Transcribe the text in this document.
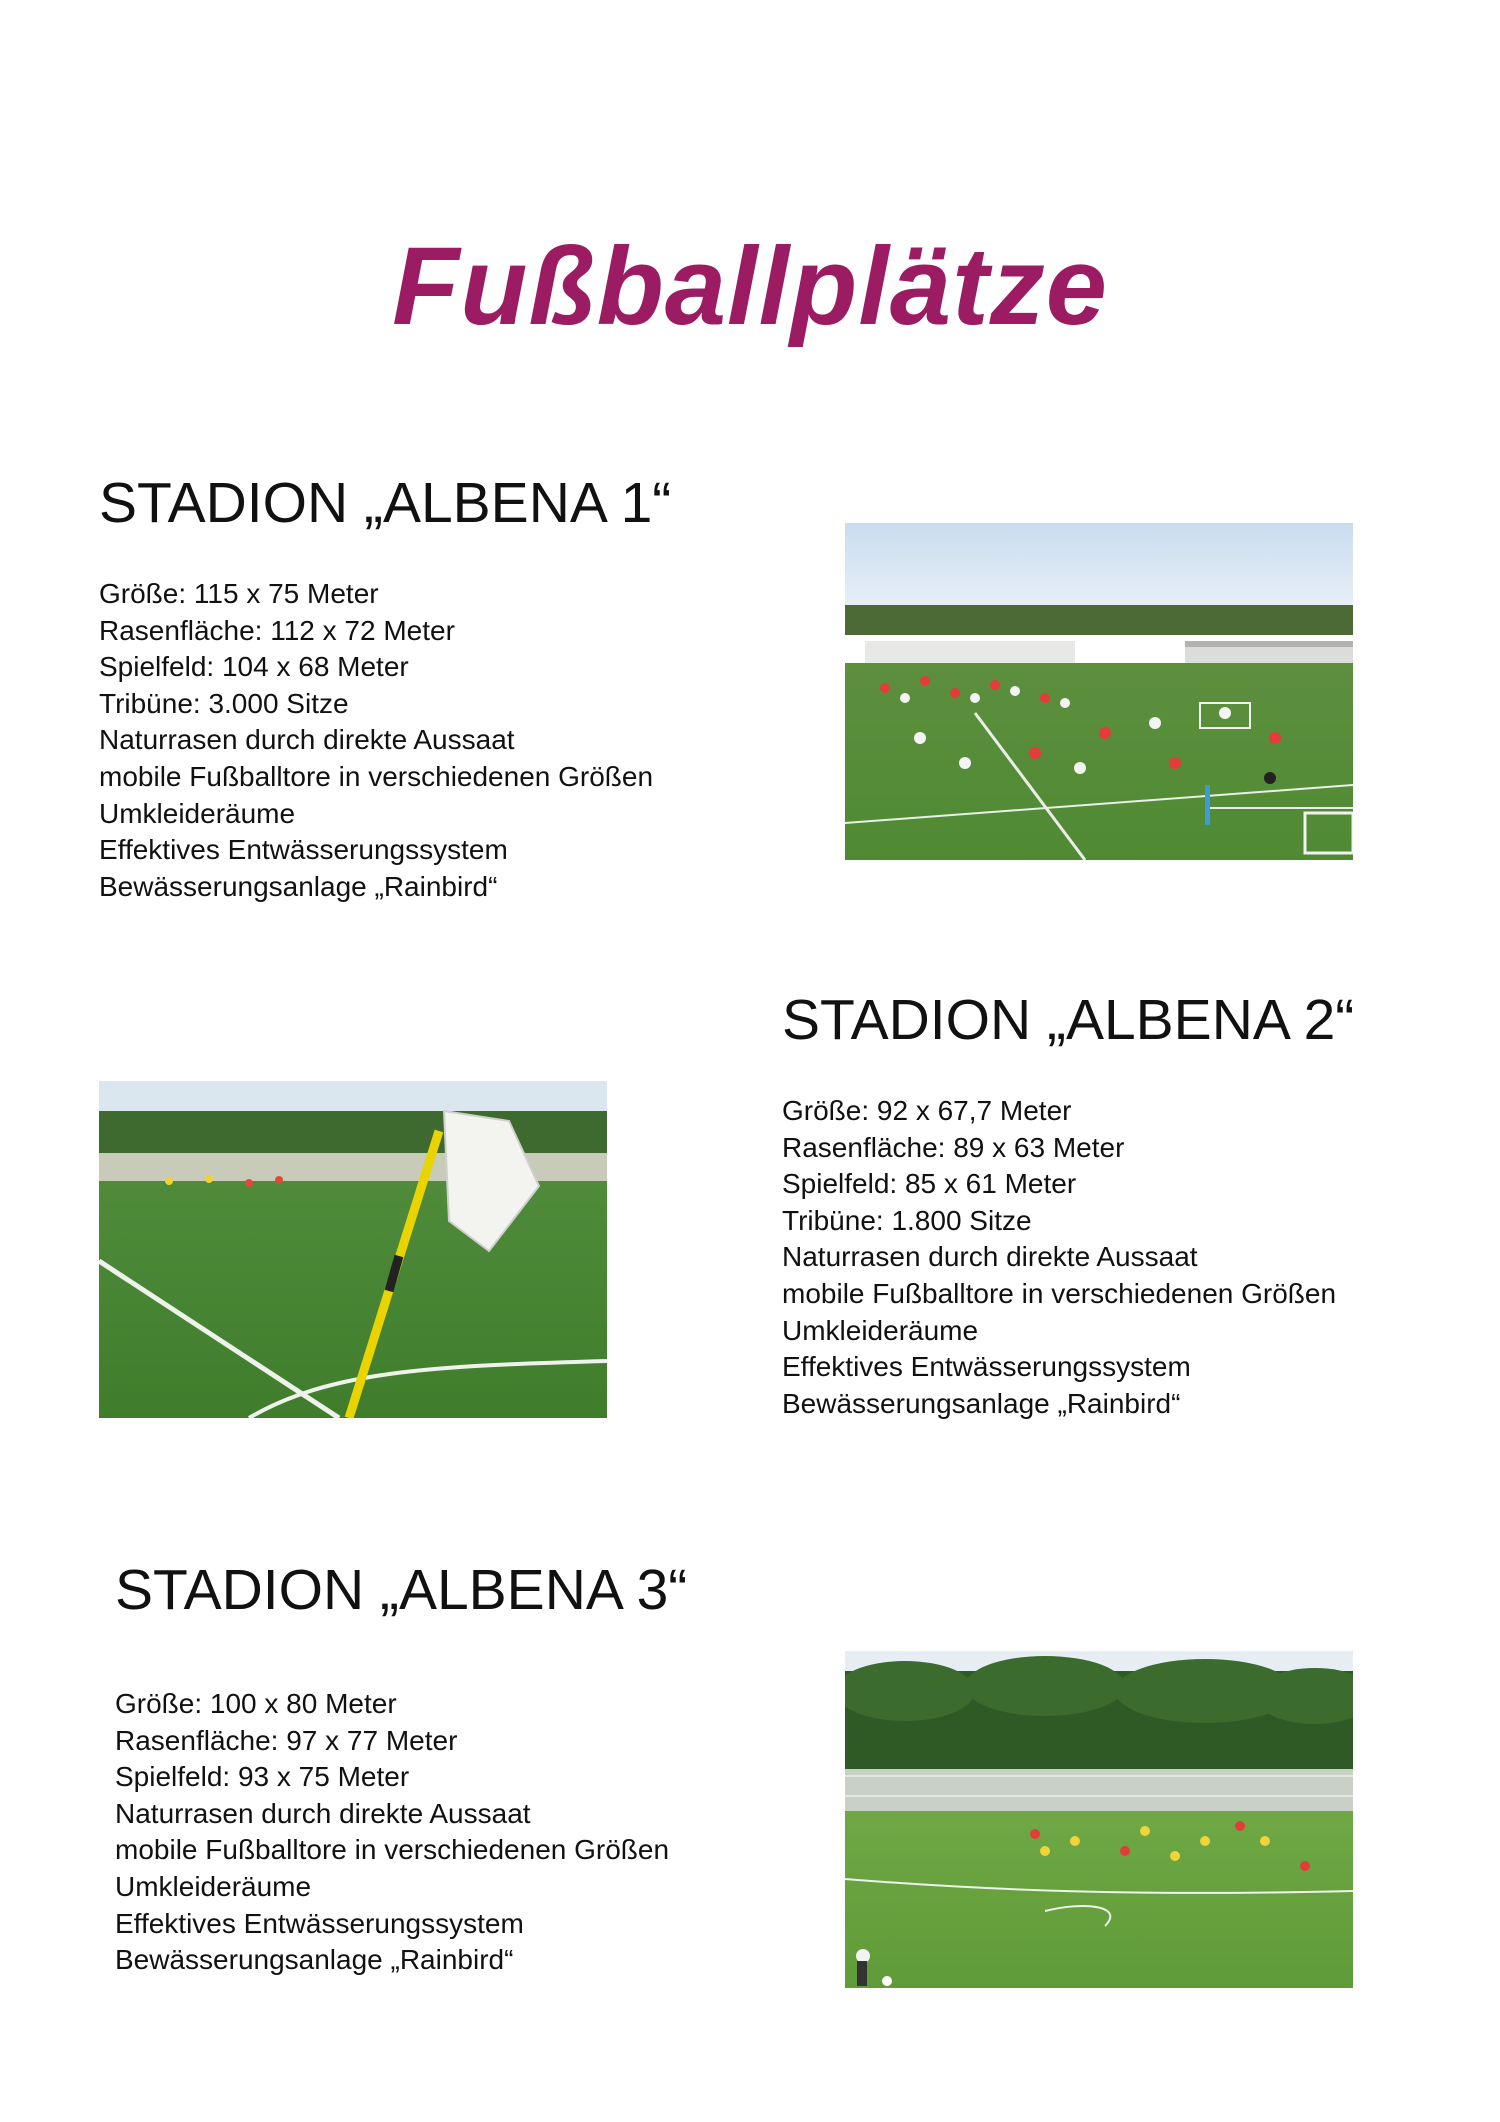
Fußballplätze
STADION „ALBENA 1“
Größe: 115 x 75 Meter
Rasenfläche: 112 x 72 Meter
Spielfeld: 104 x 68 Meter
Tribüne: 3.000 Sitze
Naturrasen durch direkte Aussaat
mobile Fußballtore in verschiedenen Größen
Umkleideräume
Effektives Entwässerungssystem
Bewässerungsanlage „Rainbird“
STADION „ALBENA 2“
Größe: 92 x 67,7 Meter
Rasenfläche: 89 x 63 Meter
Spielfeld: 85 x 61 Meter
Tribüne: 1.800 Sitze
Naturrasen durch direkte Aussaat
mobile Fußballtore in verschiedenen Größen
Umkleideräume
Effektives Entwässerungssystem
Bewässerungsanlage „Rainbird“
STADION „ALBENA 3“
Größe: 100 x 80 Meter
Rasenfläche: 97 x 77 Meter
Spielfeld: 93 x 75 Meter
Naturrasen durch direkte Aussaat
mobile Fußballtore in verschiedenen Größen
Umkleideräume
Effektives Entwässerungssystem
Bewässerungsanlage „Rainbird“
